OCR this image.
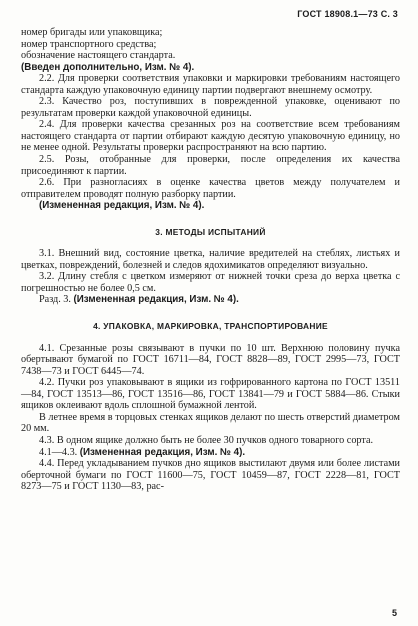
ГОСТ 18908.1—73 С. 3

номер бригады или упаковщика;

номер транспортного средства;

обозначение настоящего стандарта.

(Введен дополнительно, Изм. № 4).

2.2. Для проверки соответствия упаковки и маркировки требованиям настоящего стандарта каждую упаковочную единицу партии подвергают внешнему осмотру.

2.3. Качество роз, поступивших в поврежденной упаковке, оценивают по результатам проверки каждой упаковочной единицы.

2.4. Для проверки качества срезанных роз на соответствие всем требованиям настоящего стандарта от партии отбирают каждую десятую упаковочную единицу, но не менее одной. Результаты проверки распространяют на всю партию.

2.5. Розы, отобранные для проверки, после определения их качества присоединяют к партии.

2.6. При разногласиях в оценке качества цветов между получателем и отправителем проводят полную разборку партии.

(Измененная редакция, Изм. № 4).

3. МЕТОДЫ ИСПЫТАНИЙ

3.1. Внешний вид, состояние цветка, наличие вредителей на стеблях, листьях и цветках, повреждений, болезней и следов ядохимикатов определяют визуально.

3.2. Длину стебля с цветком измеряют от нижней точки среза до верха цветка с погрешностью не более 0,5 см.

Разд. 3. (Измененная редакция, Изм. № 4).

4. УПАКОВКА, МАРКИРОВКА, ТРАНСПОРТИРОВАНИЕ

4.1. Срезанные розы связывают в пучки по 10 шт. Верхнюю половину пучка обертывают бумагой по ГОСТ 16711—84, ГОСТ 8828—89, ГОСТ 2995—73, ГОСТ 7438—73 и ГОСТ 6445—74.

4.2. Пучки роз упаковывают в ящики из гофрированного картона по ГОСТ 13511—84, ГОСТ 13513—86, ГОСТ 13516—86, ГОСТ 13841—79 и ГОСТ 5884—86. Стыки ящиков оклеивают вдоль сплошной бумажной лентой.

В летнее время в торцовых стенках ящиков делают по шесть отверстий диаметром 20 мм.

4.3. В одном ящике должно быть не более 30 пучков одного товарного сорта.

4.1—4.3. (Измененная редакция, Изм. № 4).

4.4. Перед укладыванием пучков дно ящиков выстилают двумя или более листами оберточной бумаги по ГОСТ 11600—75, ГОСТ 10459—87, ГОСТ 2228—81, ГОСТ 8273—75 и ГОСТ 1130—83, рас-

5
